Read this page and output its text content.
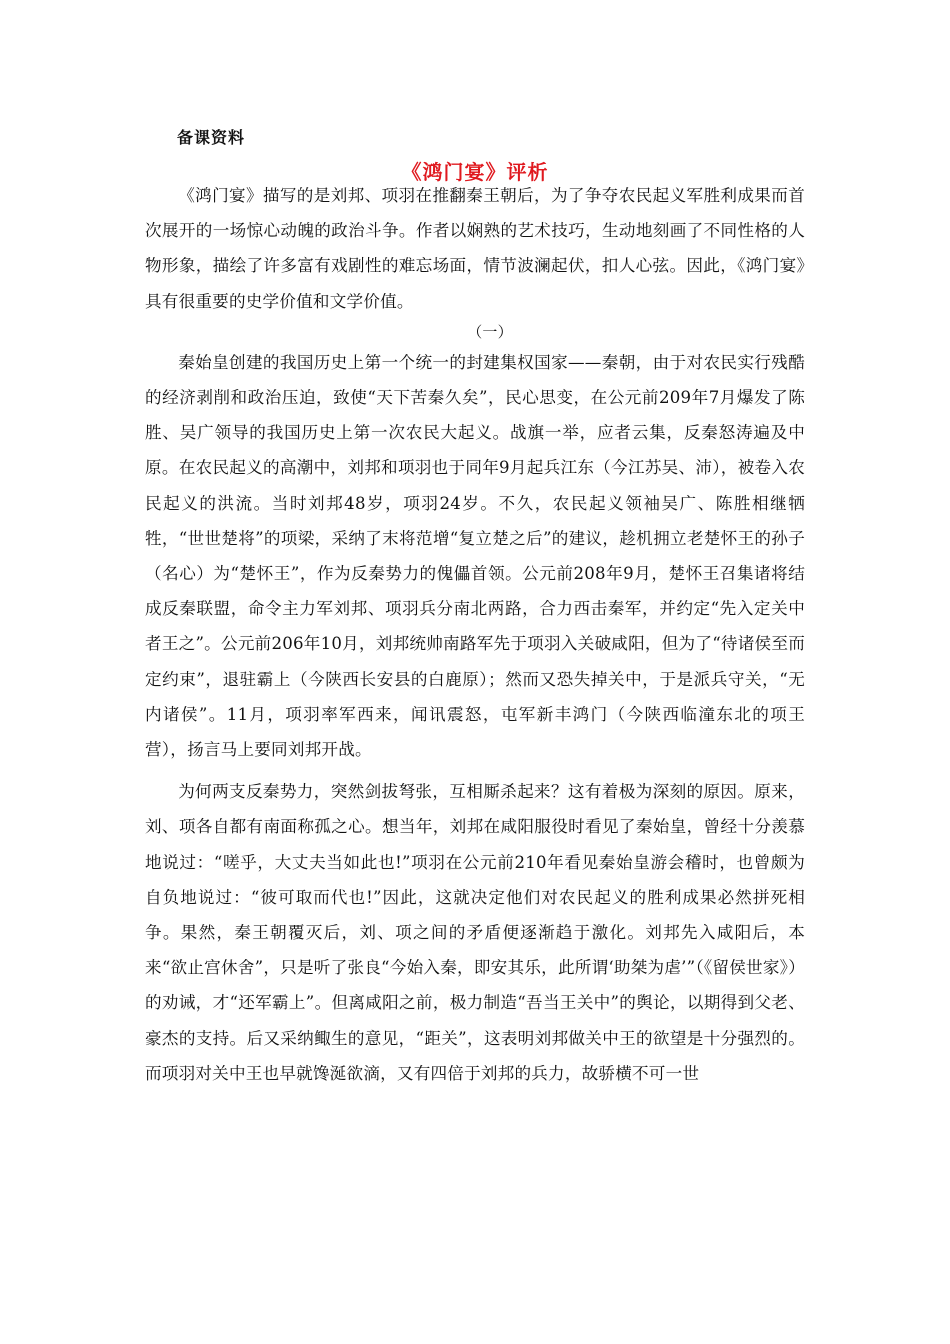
备课资料
《鸿门宴》评析

《鸿门宴》描写的是刘邦、项羽在推翻秦王朝后，为了争夺农民起义军胜利成果而首次展开的一场惊心动魄的政治斗争。作者以娴熟的艺术技巧，生动地刻画了不同性格的人物形象，描绘了许多富有戏剧性的难忘场面，情节波澜起伏，扣人心弦。因此，《鸿门宴》具有很重要的史学价值和文学价值。

（一）

秦始皇创建的我国历史上第一个统一的封建集权国家——秦朝，由于对农民实行残酷的经济剥削和政治压迫，致使“天下苦秦久矣”，民心思变，在公元前209年7月爆发了陈胜、吴广领导的我国历史上第一次农民大起义。战旗一举，应者云集，反秦怒涛遍及中原。在农民起义的高潮中，刘邦和项羽也于同年9月起兵江东（今江苏吴、沛），被卷入农民起义的洪流。当时刘邦48岁，项羽24岁。不久，农民起义领袖吴广、陈胜相继牺牲，“世世楚将”的项梁，采纳了末将范增“复立楚之后”的建议，趁机拥立老楚怀王的孙子（名心）为“楚怀王”，作为反秦势力的傀儡首领。公元前208年9月，楚怀王召集诸将结成反秦联盟，命令主力军刘邦、项羽兵分南北两路，合力西击秦军，并约定“先入定关中者王之”。公元前206年10月，刘邦统帅南路军先于项羽入关破咸阳，但为了“待诸侯至而定约束”，退驻霸上（今陕西长安县的白鹿原）；然而又恐失掉关中，于是派兵守关，“无内诸侯”。11月，项羽率军西来，闻讯震怒，屯军新丰鸿门（今陕西临潼东北的项王营），扬言马上要同刘邦开战。

为何两支反秦势力，突然剑拔弩张，互相厮杀起来？这有着极为深刻的原因。原来，刘、项各自都有南面称孤之心。想当年，刘邦在咸阳服役时看见了秦始皇，曾经十分羡慕地说过：“嗟乎，大丈夫当如此也!”项羽在公元前210年看见秦始皇游会稽时，也曾颇为自负地说过：“彼可取而代也!”因此，这就决定他们对农民起义的胜利成果必然拼死相争。果然，秦王朝覆灭后，刘、项之间的矛盾便逐渐趋于激化。刘邦先入咸阳后，本来“欲止宫休舍”，只是听了张良“今始入秦，即安其乐，此所谓‘助桀为虐’”（《留侯世家》）的劝诫，才“还军霸上”。但离咸阳之前，极力制造“吾当王关中”的舆论，以期得到父老、豪杰的支持。后又采纳鲰生的意见，“距关”，这表明刘邦做关中王的欲望是十分强烈的。而项羽对关中王也早就馋涎欲滴，又有四倍于刘邦的兵力，故骄横不可一世
